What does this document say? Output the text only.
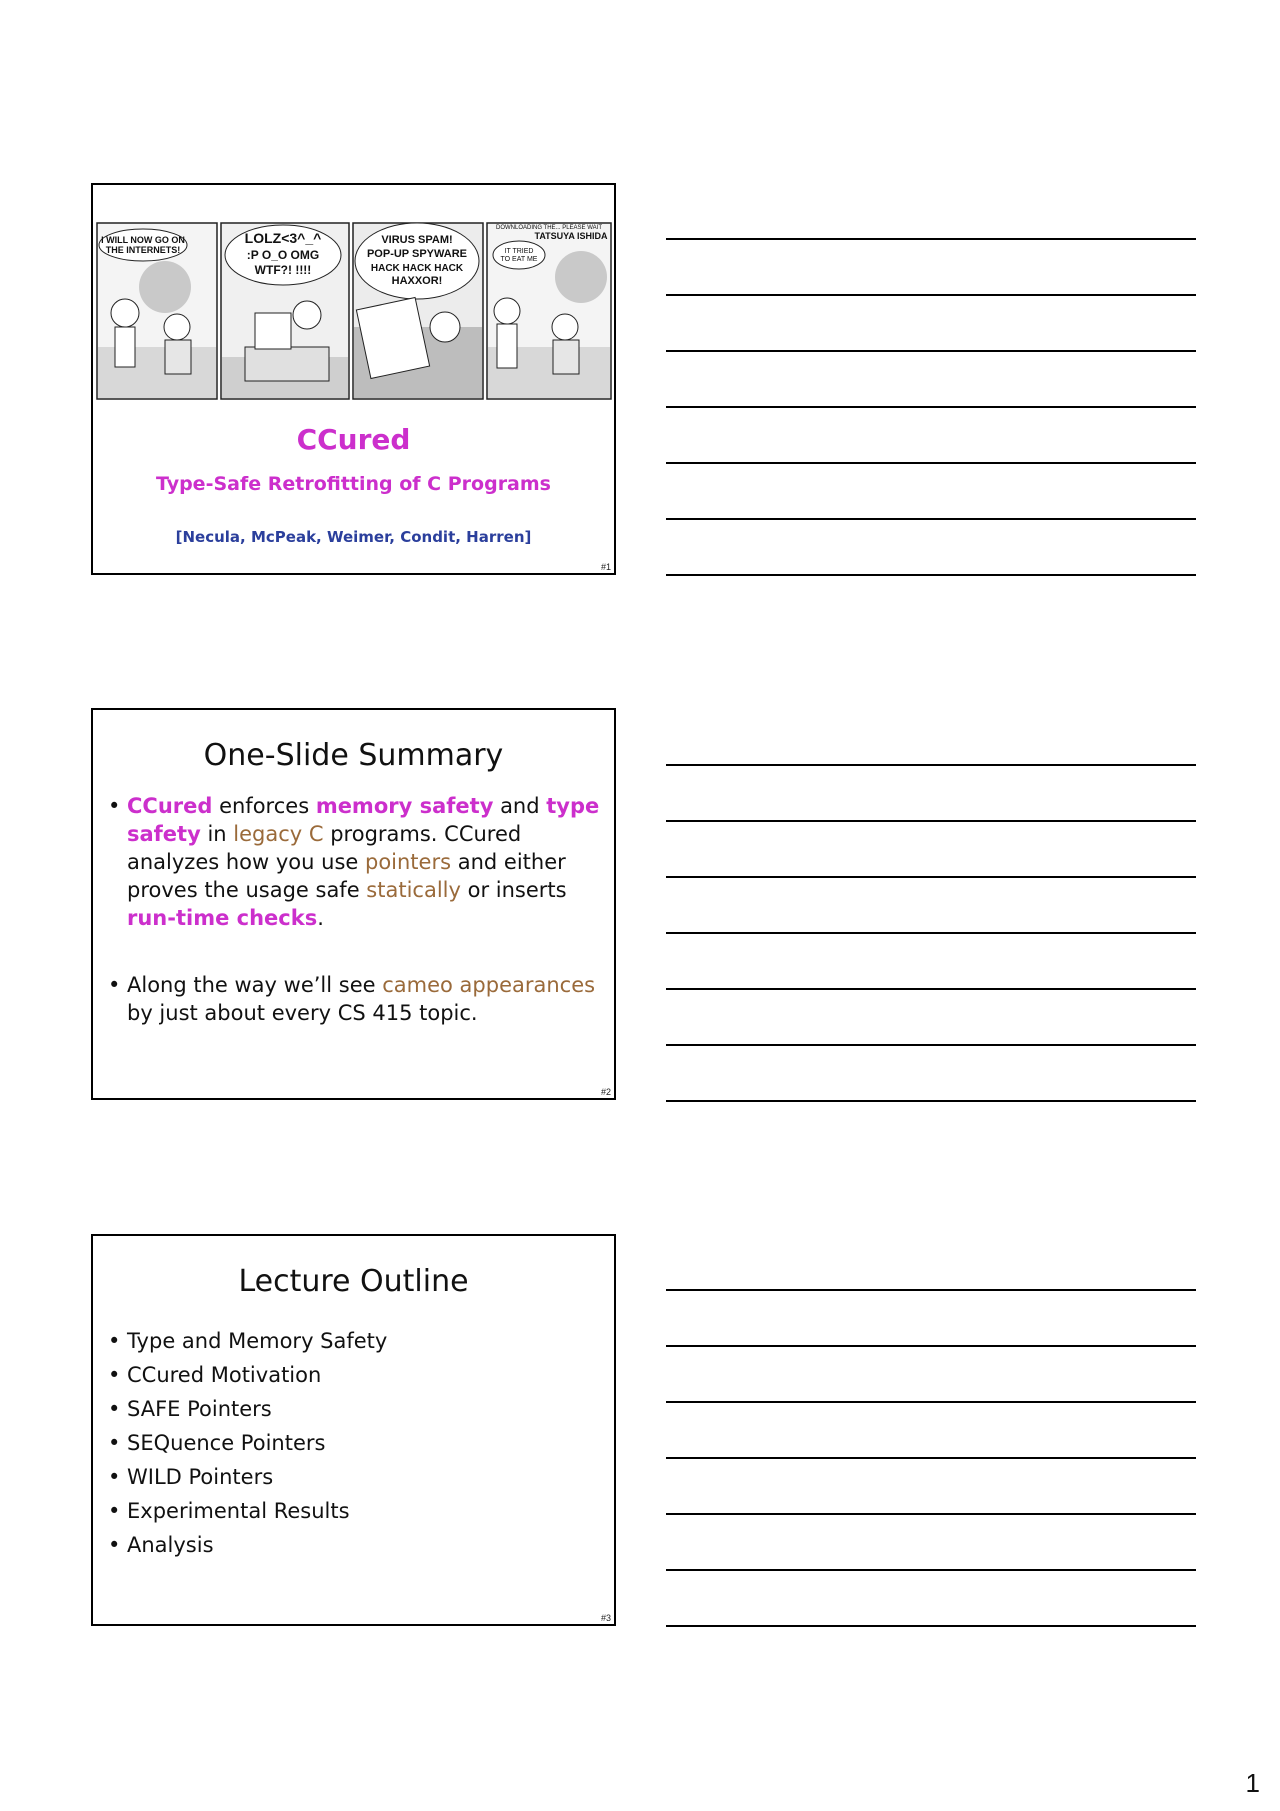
I WILL NOW GO ON
THE INTERNETS!
LOLZ<3^_^
:P O_O OMG
WTF?! !!!!
VIRUS SPAM!
POP-UP SPYWARE
HACK HACK HACK
HAXXOR!
DOWNLOADING THE... PLEASE WAIT
TATSUYA ISHIDA
IT TRIED
TO EAT ME
CCured
Type-Safe Retrofitting of C Programs
[Necula, McPeak, Weimer, Condit, Harren]
#1
One-Slide Summary
• CCured enforces memory safety and type safety in legacy C programs. CCured analyzes how you use pointers and either proves the usage safe statically or inserts run-time checks.
• Along the way we’ll see cameo appearances by just about every CS 415 topic.
#2
Lecture Outline
• Type and Memory Safety
• CCured Motivation
• SAFE Pointers
• SEQuence Pointers
• WILD Pointers
• Experimental Results
• Analysis
#3
1
